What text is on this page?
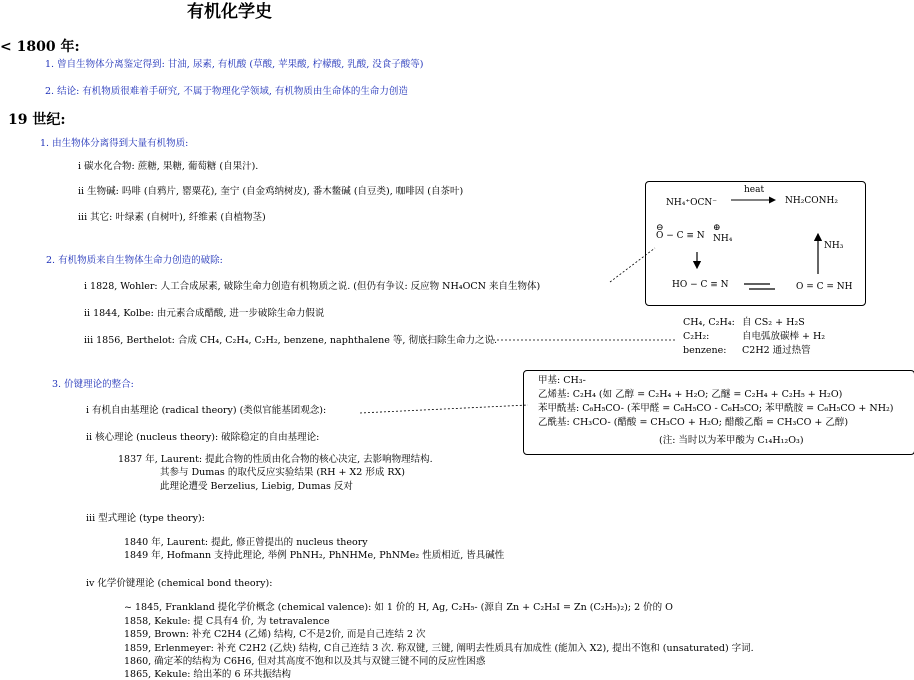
有机化学史
< 1800 年:
1. 曾自生物体分离鉴定得到: 甘油, 尿素, 有机酸 (草酸, 苹果酸, 柠檬酸, 乳酸, 没食子酸等)
2. 结论: 有机物质很难着手研究, 不属于物理化学领域, 有机物质由生命体的生命力创造
19 世纪:
1. 由生物体分离得到大量有机物质:
i 碳水化合物: 蔗糖, 果糖, 葡萄糖 (自果汁).
ii 生物碱: 吗啡 (自鸦片, 罂粟花), 奎宁 (自金鸡纳树皮), 番木鳖碱 (自豆类), 咖啡因 (自茶叶)
iii 其它: 叶绿素 (自树叶), 纤维素 (自植物茎)
2. 有机物质来自生物体生命力创造的破除:
i 1828, Wohler: 人工合成尿素, 破除生命力创造有机物质之说. (但仍有争议: 反应物 NH₄OCN 来自生物体)
ii 1844, Kolbe: 由元素合成醋酸, 进一步破除生命力假说
iii 1856, Berthelot: 合成 CH₄, C₂H₄, C₂H₂, benzene, naphthalene 等, 彻底扫除生命力之说.
3. 价键理论的整合:
i 有机自由基理论 (radical theory) (类似官能基团观念):
ii 核心理论 (nucleus theory): 破除稳定的自由基理论:
1837 年, Laurent: 提此合物的性质由化合物的核心决定, 去影响物理结构.
其参与 Dumas 的取代反应实验结果 (RH + X2 形成 RX)
此理论遭受 Berzelius, Liebig, Dumas 反对
iii 型式理论 (type theory):
1840 年, Laurent: 提此, 修正曾提出的 nucleus theory
1849 年, Hofmann 支持此理论, 举例 PhNH₂, PhNHMe, PhNMe₂ 性质相近, 皆具碱性
iv 化学价键理论 (chemical bond theory):
~ 1845, Frankland 提化学价概念 (chemical valence): 如 1 价的 H, Ag, C₂H₅- (源自 Zn + C₂H₅I = Zn (C₂H₅)₂); 2 价的 O
1858, Kekule: 提 C具有4 价, 为 tetravalence
1859, Brown: 补充 C2H4 (乙烯) 结构, C不是2价, 而是自己连结 2 次
1859, Erlenmeyer: 补充 C2H2 (乙炔) 结构, C自己连结 3 次. 称双键, 三键, 阐明去性质具有加成性 (能加入 X2), 提出不饱和 (unsaturated) 字词.
1860, 确定苯的结构为 C6H6, 但对其高度不饱和以及其与双键三键不同的反应性困惑
1865, Kekule: 给出苯的 6 环共振结构
NH₄⁺OCN⁻
heat
NH₂CONH₂
⊖
O − C ≡ N
⊕
NH₄
HO − C ≡ N	O = C = NH
NH₃
CH₄, C₂H₄: 自 CS₂ + H₂S
C₂H₂:	自电弧放碳棒 + H₂
benzene: C2H2 通过热管
甲基: CH₃-
乙烯基: C₂H₄ (如 乙醇 = C₂H₄ + H₂O; 乙醚 = C₂H₄ + C₂H₅ + H₂O)
苯甲酰基: C₆H₅CO- (苯甲醛 = C₆H₅CO - C₆H₅CO; 苯甲酰胺 = C₆H₅CO + NH₂)
乙酰基: CH₃CO- (醋酸 = CH₃CO + H₂O; 醋酸乙酯 = CH₃CO + 乙醇)
(注: 当时以为苯甲酸为 C₁₄H₁₂O₃)
